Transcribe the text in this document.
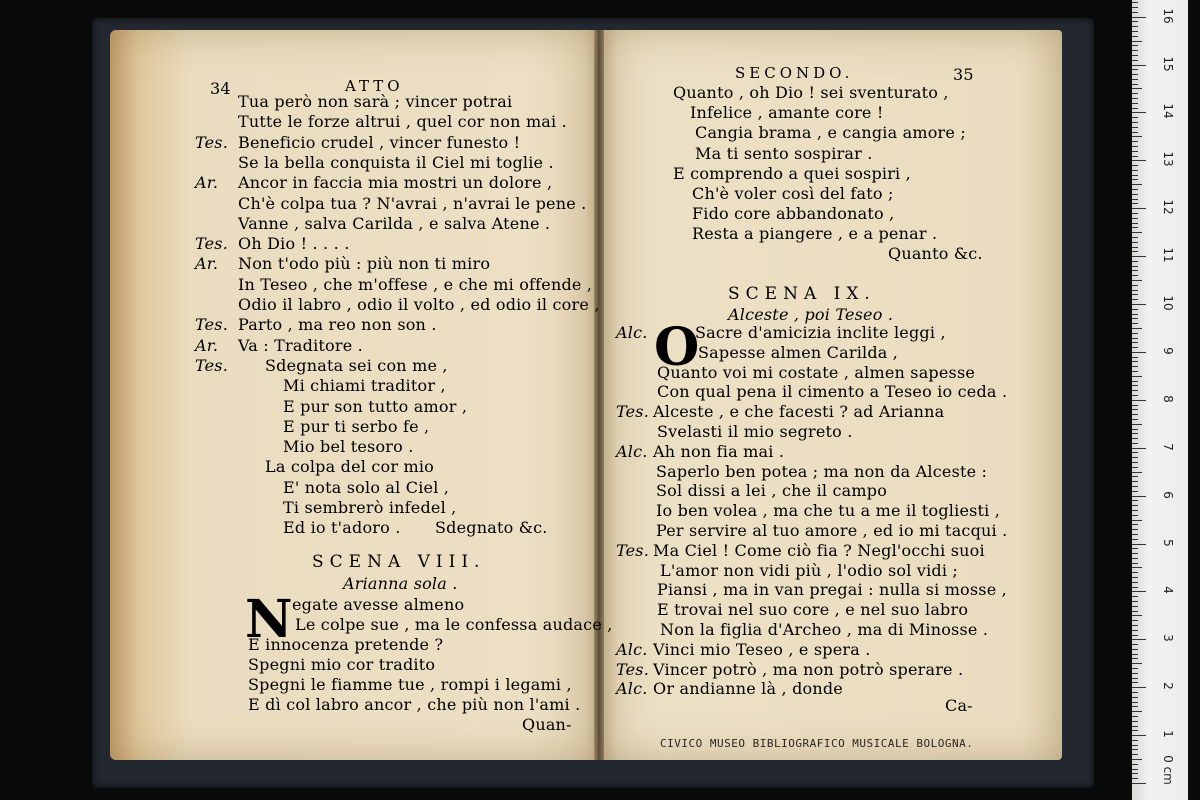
34	ATTO
Tua però non sarà ; vincer potrai
Tutte le forze altrui , quel cor non mai .
Tes. Beneficio crudel , vincer funesto !
Se la bella conquista il Ciel mi toglie .
Ar. Ancor in faccia mia mostri un dolore ,
Ch'è colpa tua ? N'avrai , n'avrai le pene .
Vanne , salva Carilda , e salva Atene .
Tes. Oh Dio ! . . . .
Ar. Non t'odo più : più non ti miro
In Teseo , che m'offese , e che mi offende ,
Odio il labro , odio il volto , ed odio il core ,
Tes. Parto , ma reo non son .
Ar. Va : Traditore .
Tes. Sdegnata sei con me ,
Mi chiami traditor ,
E pur son tutto amor ,
E pur ti serbo fe ,
Mio bel tesoro .
La colpa del cor mio
E' nota solo al Ciel ,
Ti sembrerò infedel ,
Ed io t'adoro . Sdegnato &c.
SCENA VIII.
Arianna sola .
N egate avesse almeno
Le colpe sue , ma le confessa audace ,
E innocenza pretende ?
Spegni mio cor tradito
Spegni le fiamme tue , rompi i legami ,
E dì col labro ancor , che più non l'ami .
Quan-
SECONDO.	35
Quanto , oh Dio ! sei sventurato ,
Infelice , amante core !
Cangia brama , e cangia amore ;
Ma ti sento sospirar .
E comprendo a quei sospiri ,
Ch'è voler così del fato ;
Fido core abbandonato ,
Resta a piangere , e a penar .
Quanto &c.
SCENA IX.
Alceste , poi Teseo .
O
Alc.	Sacre d'amicizia inclite leggi ,
Sapesse almen Carilda ,
Quanto voi mi costate , almen sapesse
Con qual pena il cimento a Teseo io ceda .
Tes. Alceste , e che facesti ? ad Arianna
Svelasti il mio segreto .
Alc. Ah non fia mai .
Saperlo ben potea ; ma non da Alceste :
Sol dissi a lei , che il campo
Io ben volea , ma che tu a me il togliesti ,
Per servire al tuo amore , ed io mi tacqui .
Tes. Ma Ciel ! Come ciò fia ? Negl'occhi suoi
L'amor non vidi più , l'odio sol vidi ;
Piansi , ma in van pregai : nulla si mosse ,
E trovai nel suo core , e nel suo labro
Non la figlia d'Archeo , ma di Minosse .
Alc. Vinci mio Teseo , e spera .
Tes. Vincer potrò , ma non potrò sperare .
Alc. Or andianne là , donde
Ca-
CIVICO MUSEO BIBLIOGRAFICO MUSICALE BOLOGNA.
0 cm
1
2
3
4
5
6
7
8
9
10
11
12
13
14
15
16
